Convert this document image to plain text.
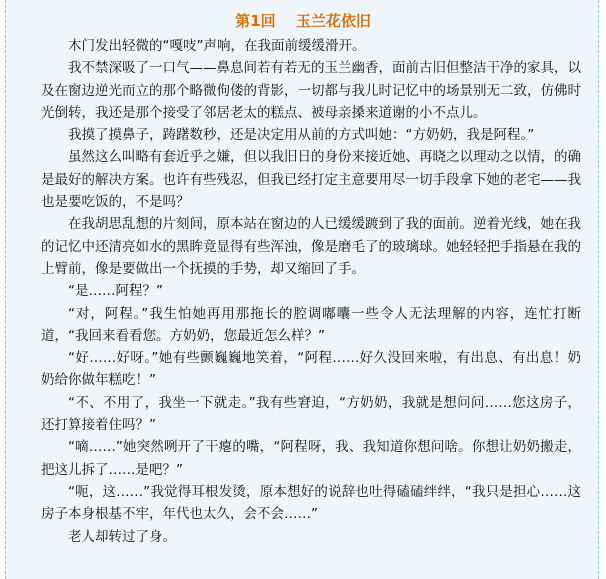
第1回　 玉兰花依旧

木门发出轻微的“嘎吱”声响，在我面前缓缓滑开。

我不禁深吸了一口气——鼻息间若有若无的玉兰幽香，面前古旧但整洁干净的家具，以及在窗边逆光而立的那个略微佝偻的背影，一切都与我儿时记忆中的场景别无二致，仿佛时光倒转，我还是那个接受了邻居老太的糕点、被母亲搡来道谢的小不点儿。

我摸了摸鼻子，踌躇数秒，还是决定用从前的方式叫她：“方奶奶，我是阿程。”

虽然这么叫略有套近乎之嫌，但以我旧日的身份来接近她、再晓之以理动之以情，的确是最好的解决方案。也许有些残忍，但我已经打定主意要用尽一切手段拿下她的老宅——我也是要吃饭的，不是吗？

在我胡思乱想的片刻间，原本站在窗边的人已缓缓踱到了我的面前。逆着光线，她在我的记忆中还清亮如水的黑眸竟显得有些浑浊，像是磨毛了的玻璃球。她轻轻把手指悬在我的上臂前，像是要做出一个抚摸的手势，却又缩回了手。

“是……阿程？”

“对，阿程。”我生怕她再用那拖长的腔调嘟囔一些令人无法理解的内容，连忙打断道，“我回来看看您。方奶奶，您最近怎么样？”

“好……好呀。”她有些颤巍巍地笑着，“阿程……好久没回来啦，有出息、有出息！奶奶给你做年糕吃！”

“不、不用了，我坐一下就走。”我有些窘迫，“方奶奶，我就是想问问……您这房子，还打算接着住吗？”

“嘀……”她突然咧开了干瘪的嘴，“阿程呀，我、我知道你想问啥。你想让奶奶搬走，把这儿拆了……是吧？”

“呃，这……”我觉得耳根发烫，原本想好的说辞也吐得磕磕绊绊，“我只是担心……这房子本身根基不牢，年代也太久，会不会……”

老人却转过了身。
